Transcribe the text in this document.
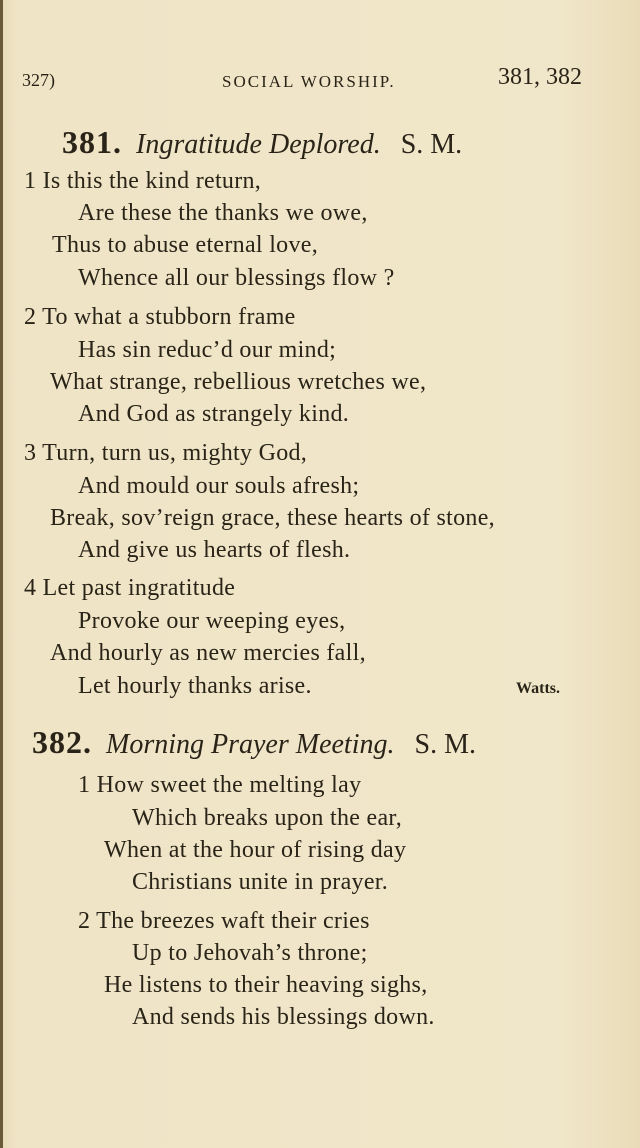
327)	SOCIAL WORSHIP.	381, 382
381. Ingratitude Deplored. S. M.
1 Is this the kind return,
Are these the thanks we owe,
Thus to abuse eternal love,
Whence all our blessings flow ?
2 To what a stubborn frame
Has sin reduc’d our mind;
What strange, rebellious wretches we,
And God as strangely kind.
3 Turn, turn us, mighty God,
And mould our souls afresh;
Break, sov’reign grace, these hearts of stone,
And give us hearts of flesh.
4 Let past ingratitude
Provoke our weeping eyes,
And hourly as new mercies fall,
Let hourly thanks arise.	Watts.
382. Morning Prayer Meeting. S. M.
1 How sweet the melting lay
Which breaks upon the ear,
When at the hour of rising day
Christians unite in prayer.
2 The breezes waft their cries
Up to Jehovah’s throne;
He listens to their heaving sighs,
And sends his blessings down.
